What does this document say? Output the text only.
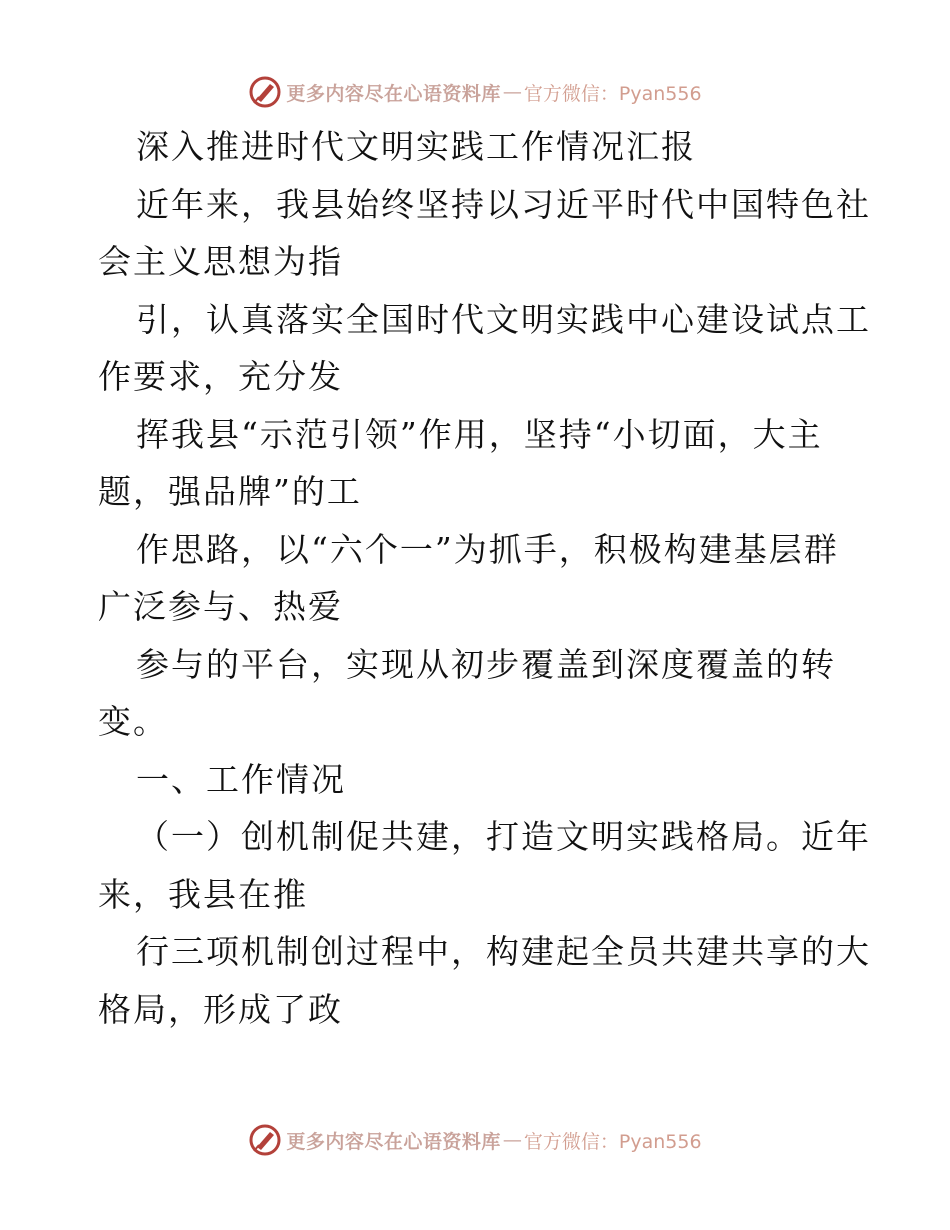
更多内容尽在心语资料库 — 官方微信：Pyan556
深入推进时代文明实践工作情况汇报
近年来，我县始终坚持以习近平时代中国特色社
会主义思想为指
引，认真落实全国时代文明实践中心建设试点工
作要求，充分发
挥我县“示范引领”作用，坚持“小切面，大主
题，强品牌”的工
作思路，以“六个一”为抓手，积极构建基层群
广泛参与、热爱
参与的平台，实现从初步覆盖到深度覆盖的转
变。
一、工作情况
（一）创机制促共建，打造文明实践格局。近年
来，我县在推
行三项机制创过程中，构建起全员共建共享的大
格局，形成了政
更多内容尽在心语资料库 — 官方微信：Pyan556
